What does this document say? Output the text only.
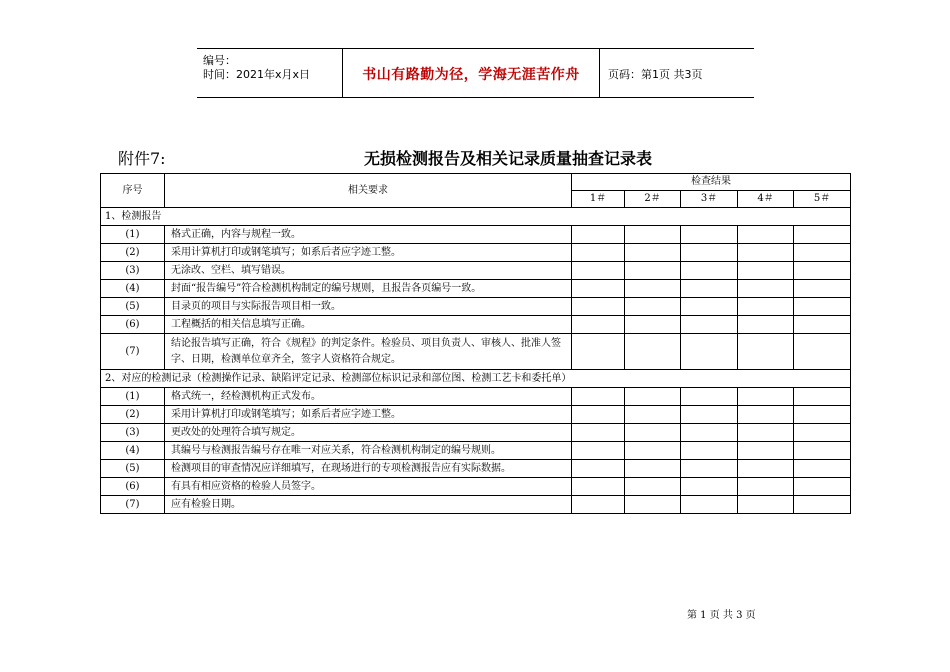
编号：
时间：2021年x月x日	书山有路勤为径，学海无涯苦作舟	页码：第1页 共3页
附件7:	无损检测报告及相关记录质量抽查记录表
序号	相关要求	检查结果				
		1＃	2＃	3＃	4＃	5＃
1、检测报告						
(1)	格式正确，内容与规程一致。					
(2)	采用计算机打印或钢笔填写；如系后者应字迹工整。					
(3)	无涂改、空栏、填写错误。					
(4)	封面“报告编号”符合检测机构制定的编号规则，且报告各页编号一致。					
(5)	目录页的项目与实际报告项目相一致。					
(6)	工程概括的相关信息填写正确。					
(7)	结论报告填写正确，符合《规程》的判定条件。检验员、项目负责人、审核人、批准人签字、日期，检测单位章齐全，签字人资格符合规定。					
2、对应的检测记录（检测操作记录、缺陷评定记录、检测部位标识记录和部位图、检测工艺卡和委托单）						
(1)	格式统一，经检测机构正式发布。					
(2)	采用计算机打印或钢笔填写；如系后者应字迹工整。					
(3)	更改处的处理符合填写规定。					
(4)	其编号与检测报告编号存在唯一对应关系，符合检测机构制定的编号规则。					
(5)	检测项目的审查情况应详细填写，在现场进行的专项检测报告应有实际数据。					
(6)	有具有相应资格的检验人员签字。					
(7)	应有检验日期。					
第 1 页 共 3 页
